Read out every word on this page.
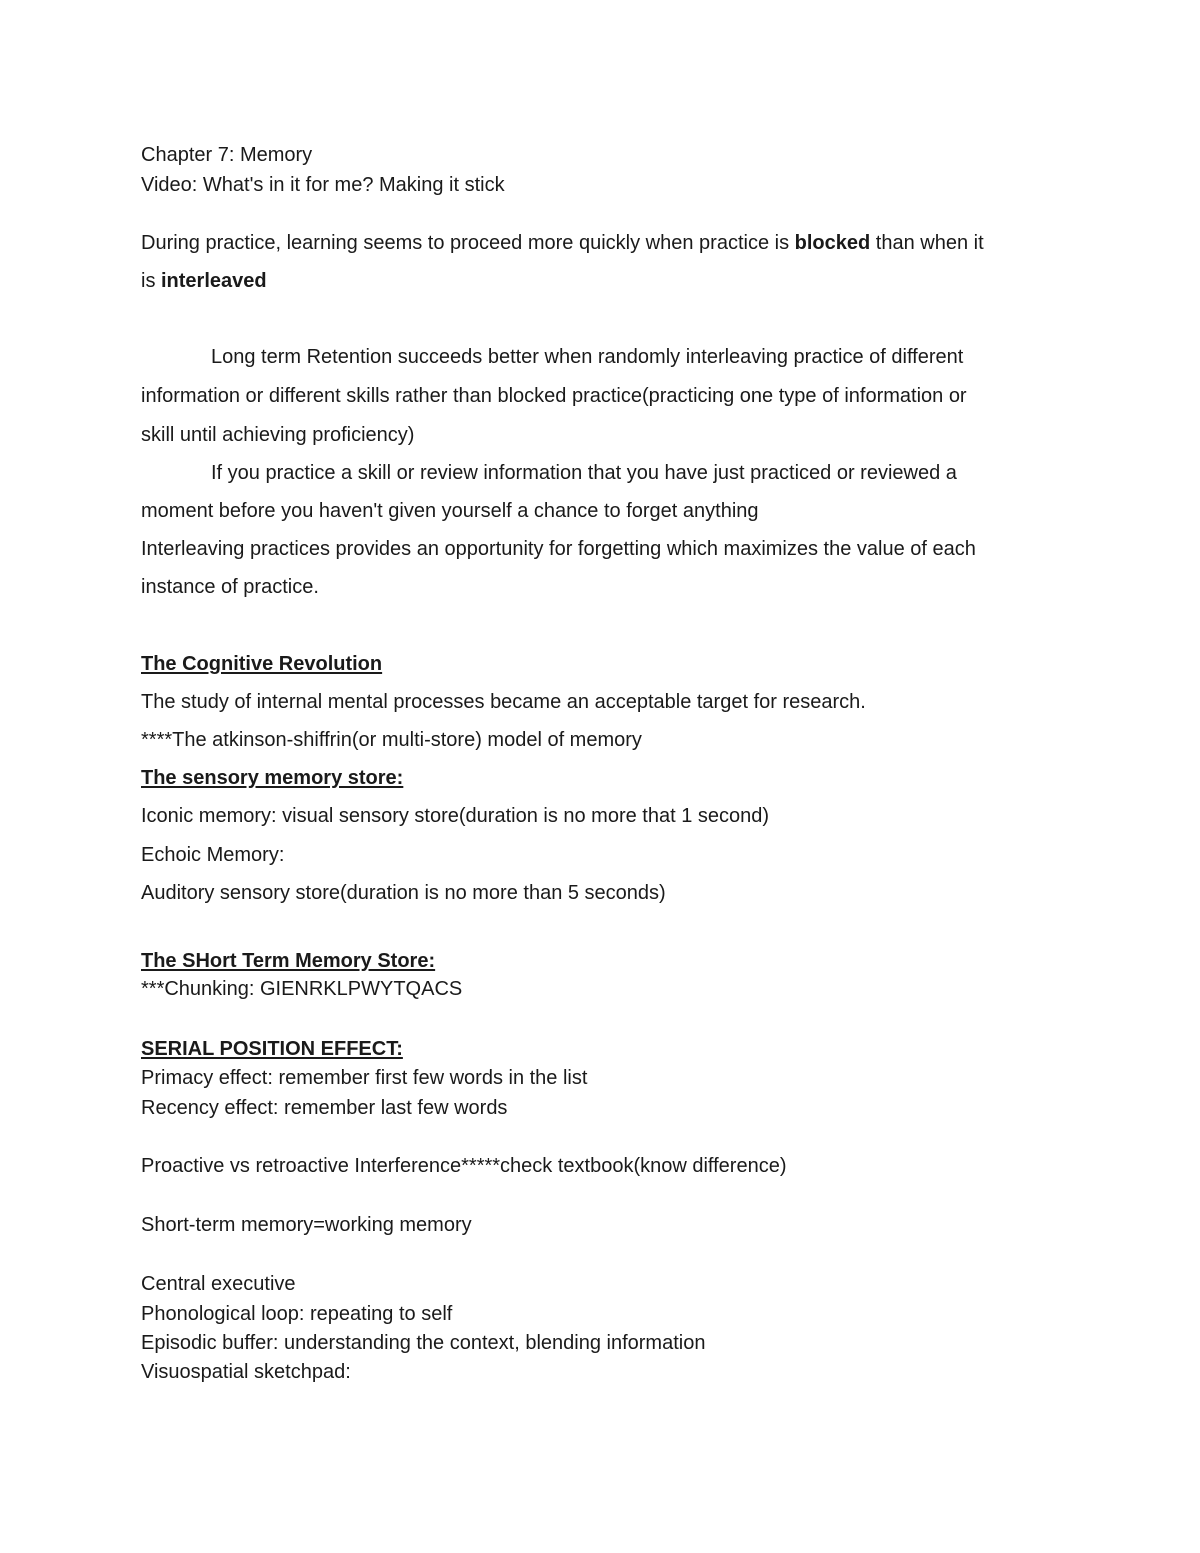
Chapter 7: Memory
Video: What's in it for me? Making it stick
During practice, learning seems to proceed more quickly when practice is blocked than when it
is interleaved
Long term Retention succeeds better when randomly interleaving practice of different
information or different skills rather than blocked practice(practicing one type of information or
skill until achieving proficiency)
If you practice a skill or review information that you have just practiced or reviewed a
moment before you haven't given yourself a chance to forget anything
Interleaving practices provides an opportunity for forgetting which maximizes the value of each
instance of practice.
The Cognitive Revolution
The study of internal mental processes became an acceptable target for research.
****The atkinson-shiffrin(or multi-store) model of memory
The sensory memory store:
Iconic memory: visual sensory store(duration is no more that 1 second)
Echoic Memory:
Auditory sensory store(duration is no more than 5 seconds)
The SHort Term Memory Store:
***Chunking: GIENRKLPWYTQACS
SERIAL POSITION EFFECT:
Primacy effect: remember first few words in the list
Recency effect: remember last few words
Proactive vs retroactive Interference*****check textbook(know difference)
Short-term memory=working memory
Central executive
Phonological loop: repeating to self
Episodic buffer: understanding the context, blending information
Visuospatial sketchpad:
